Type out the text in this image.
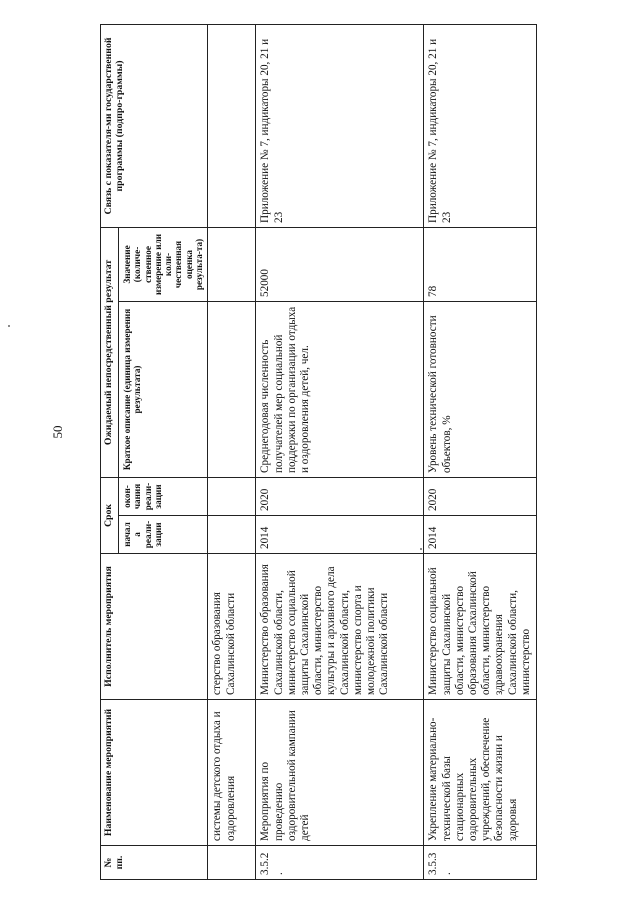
50
№ пп.	Наименование мероприятий	Исполнитель мероприятия	Срок		Ожидаемый непосредственный результат		Связь с показателя-ми государственной программы (подпро-граммы)
			начала реали-зации	окон-чания реали-зации	Краткое описание (единица измерения результата)	Значение (количе-ственное измерение или коли-чественная оценка результа-та)	
	системы детского отдыха и оздоровления	стерство образования Сахалинской области					
3.5.2.	Мероприятия по проведению оздоровительной кампании детей	Министерство образования Сахалинской области, министерство социальной защиты Сахалинской области, министерство культуры и архивного дела Сахалинской области, министерство спорта и молодежной политики Сахалинской области	2014	2020	Среднегодовая численность получателей мер социальной поддержки по организации отдыха и оздоровления детей, чел.	52000	Приложение № 7, индикаторы 20, 21 и 23
3.5.3.	Укрепление материально-технической базы стационарных оздоровительных учреждений, обеспечение безопасности жизни и здоровья	Министерство социальной защиты Сахалинской области, министерство образования Сахалинской области, министерство здравоохранения Сахалинской области, министерство	2014	2020	Уровень технической готовности объектов, %	78	Приложение № 7, индикаторы 20, 21 и 23
